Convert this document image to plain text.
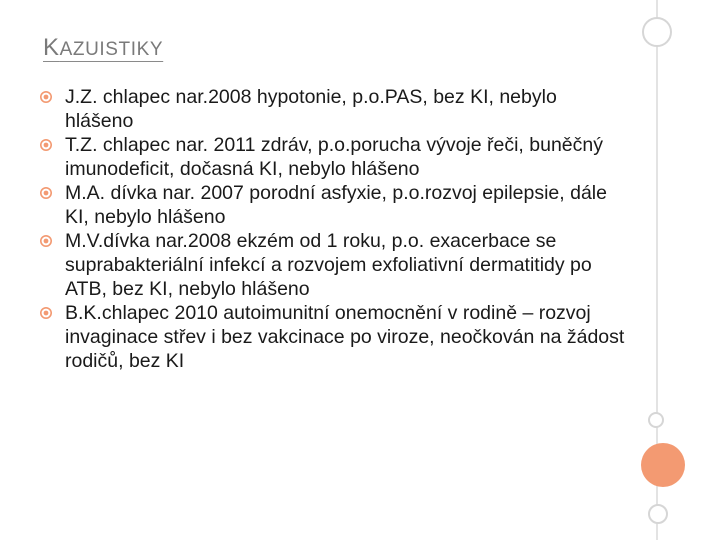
KAZUISTIKY
J.Z. chlapec nar.2008 hypotonie, p.o.PAS, bez KI, nebylo hlášeno
T.Z. chlapec nar. 2011 zdráv, p.o.porucha vývoje řeči, buněčný imunodeficit, dočasná KI, nebylo hlášeno
M.A. dívka nar. 2007 porodní asfyxie, p.o.rozvoj epilepsie, dále KI, nebylo hlášeno
M.V.dívka nar.2008 ekzém od 1 roku, p.o. exacerbace se suprabakteriální infekcí a rozvojem exfoliativní dermatitidy po ATB, bez KI, nebylo hlášeno
B.K.chlapec 2010 autoimunitní onemocnění v rodině – rozvoj invaginace střev i bez vakcinace po viroze, neočkován na žádost rodičů, bez KI
